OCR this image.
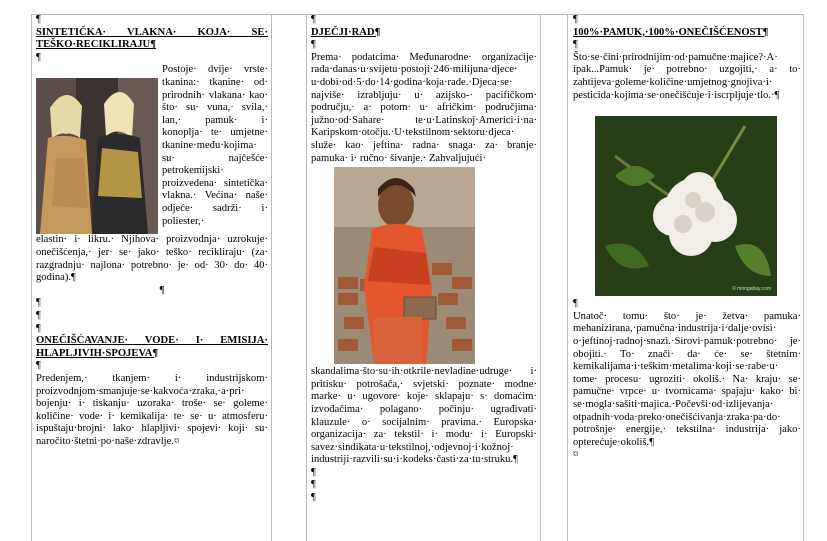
¶
SINTETIČKA· VLAKNA· KOJA· SE·
TEŠKO·RECIKLIRAJU¶
¶

Postoje· dvije· vrste· tkanina:· tkanine· od· prirodnih· vlakana· kao· što· su· vuna,· svila,· lan,· pamuk· i· konoplja· te· umjetne· tkanine·među·kojima· su· najčešće· petrokemijski· proizvedena· sintetička· vlakna.· Većina· naše· odjeće· sadrži· i· poliester,·

elastin· i· likru.· Njihova· proizvodnja· uzrokuje· onečišćenja,· jer· se· jako· teško· recikliraju· (za· razgradnju· najlona· potrebno· je· od· 30· do· 40· godina).¶

¶
¶
¶
¶
ONEČIŠĆAVANJE· VODE· I· EMISIJA·
HLAPLJIVIH·SPOJEVA¶
¶

Predenjem,· tkanjem· i· industrijskom· proizvodnjom·smanjuje·se·kakvoća·zraka,·a·pri· bojenju· i· tiskanju· uzoraka· troše· se· goleme· količine· vode· i· kemikalija· te· se· u· atmosferu· ispuštaju·brojni· lako· hlapljivi· spojevi· koji· su· naročito·štetni·po·naše·zdravlje.¤

¶
DJEČJI·RAD¶
¶

Prema· podatcima· Međunarodne· organizacije· rada·danas·u·svijetu·postoji·246·milijuna·djece· u·dobi·od·5·do·14·godina·koja·rade.·Djeca·se· najviše· izrabljuju· u· azijsko-· pacifičkom· području,· a· potom· u· afričkim· područjima· južno·od·Sahare· te·u·Latinskoj·Americi·i·na· Karipskom·otočju.·U·tekstilnom·sektoru·djeca· služe· kao· jeftina· radna· snaga· za· branje· pamuka· i· ručno· šivanje.· Zahvaljujući·

skandalima·što·su·ih·otkrile·nevladine·udruge· i· pritisku· potrošača,· svjetski· poznate· modne· marke· u· ugovore· koje· sklapaju· s· domaćim· izvođačima· polagano· počinju· ugrađivati· klauzule· o· socijalnim· pravima.· Europska· organizacija· za· tekstil· i· modu· i· Europski· savez·sindikata·u·tekstilnoj,·odjevnoj·i·kožnoj· industriji·razvili·su·i·kodeks·časti·za·tu·struku.¶

¶
¶
¶
¶
100%·PAMUK,·100%·ONEČIŠĆENOST¶
¶

Što·se·čini·prirodnijim·od·pamučne·majice?·A· ipak...Pamuk· je· potrebno· uzgojiti,· a· to· zahtijeva·goleme·količine·umjetnog·gnojiva·i· pesticida·kojima·se·onečišćuje·i·iscrpljuje·tlo.·¶

© mongabay.com
¶

Unatoč· tomu· što· je· žetva· pamuka· mehanizirana,·pamučna·industrija·i·dalje·ovisi· o·jeftinoj·radnoj·snazi.·Sirovi·pamuk·potrebno· je· obojiti.· To· znači· da· će· se· štetnim· kemikalijama·i·teškim·metalima·koji·se·rabe·u· tome· procesu· ugroziti· okoliš.· Na· kraju· se· pamučne· vrpce· u· tvornicama· spajaju· kako· bi· se·mogla·sašiti·majica.·Počevši·od·izlijevanja· otpadnih·voda·preko·onečišćivanja·zraka·pa·do· potrošnje· energije,· tekstilna· industrija· jako· opterećuje·okoliš.¶

¤
